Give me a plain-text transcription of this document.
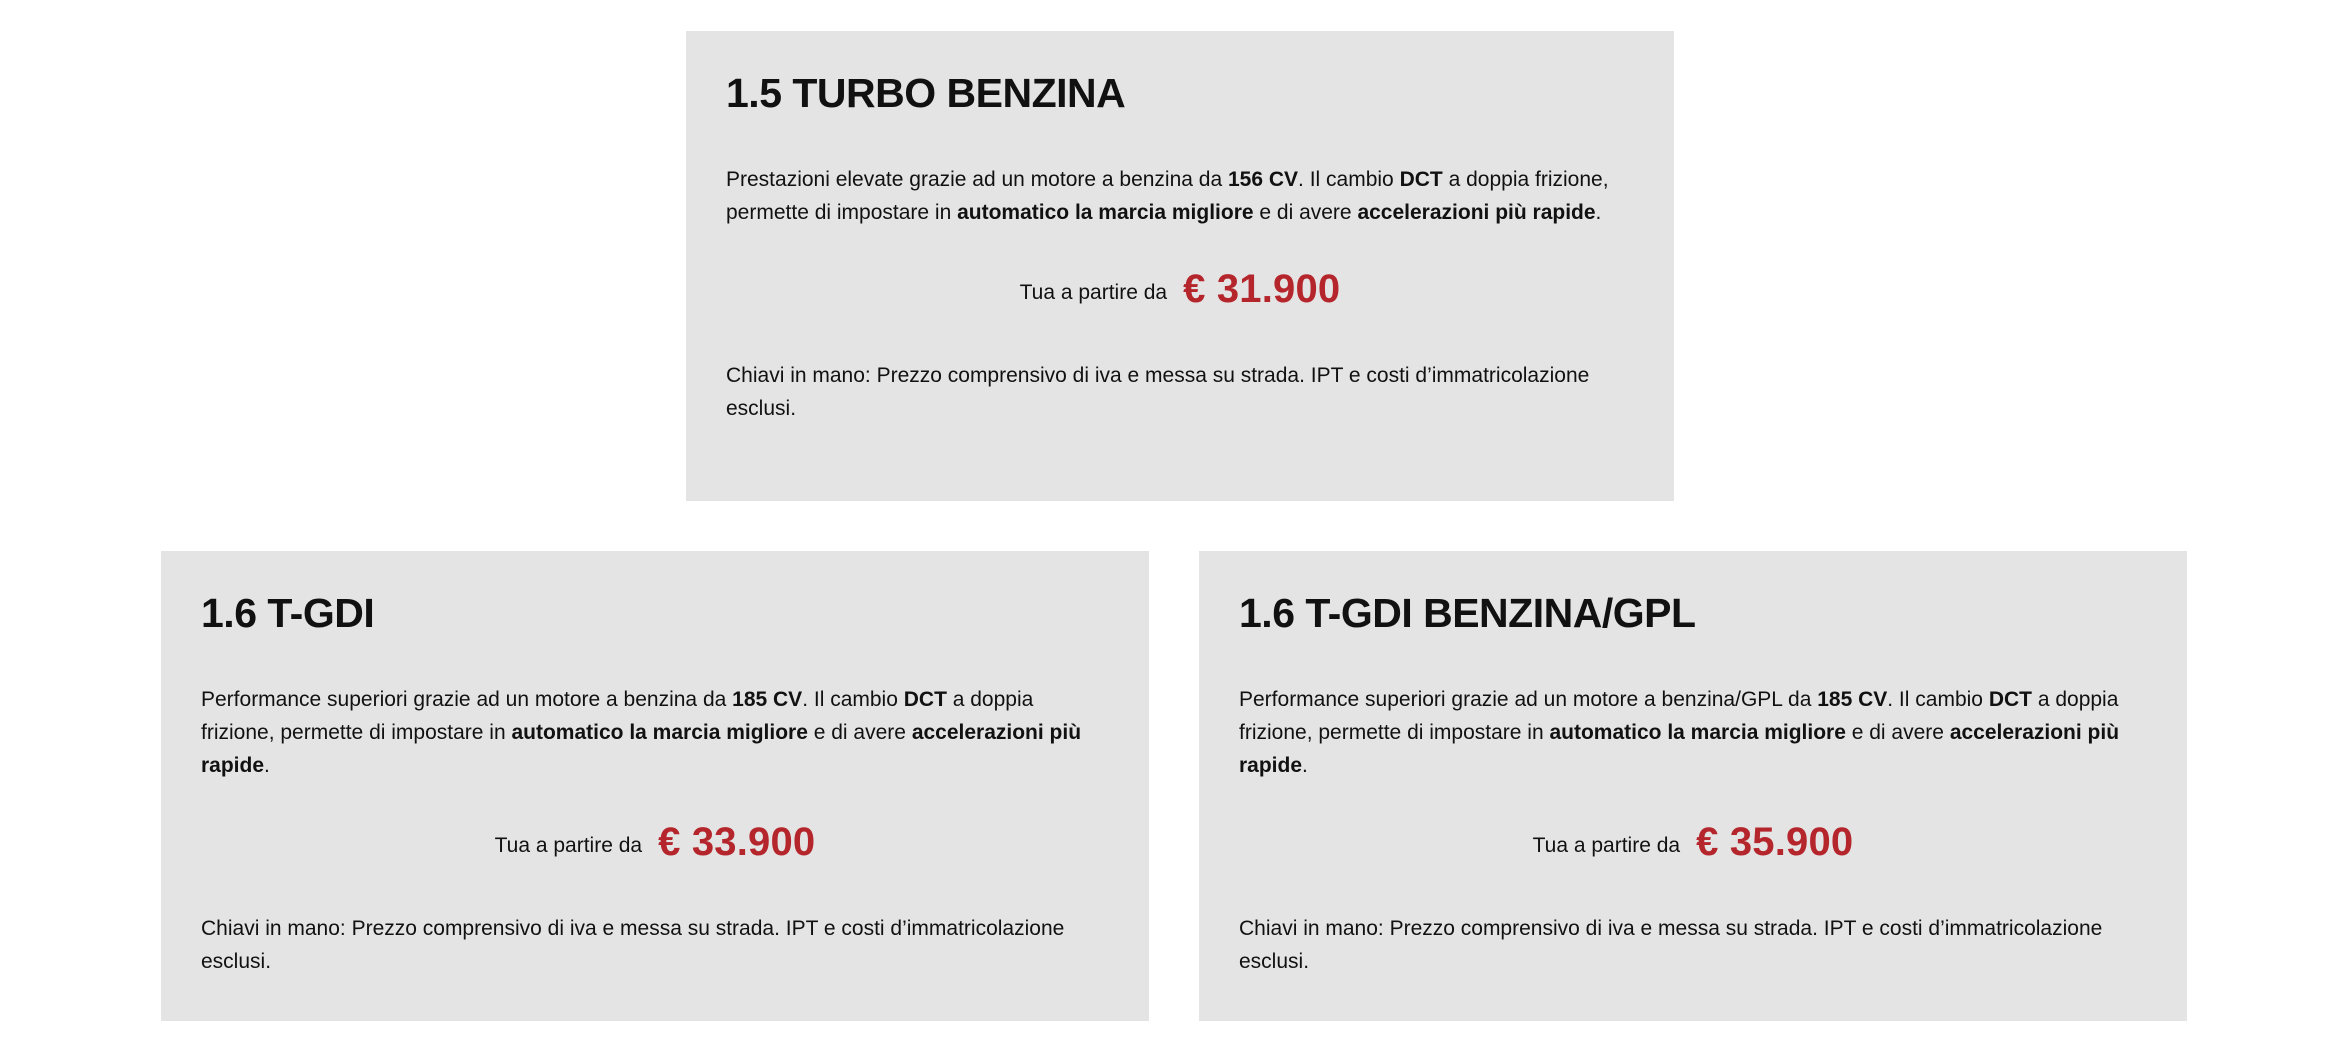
1.5 TURBO BENZINA

Prestazioni elevate grazie ad un motore a benzina da 156 CV. Il cambio DCT a doppia frizione, permette di impostare in automatico la marcia migliore e di avere accelerazioni più rapide.

Tua a partire da € 31.900

Chiavi in mano: Prezzo comprensivo di iva e messa su strada. IPT e costi d’immatricolazione esclusi.

1.6 T-GDI

Performance superiori grazie ad un motore a benzina da 185 CV. Il cambio DCT a doppia frizione, permette di impostare in automatico la marcia migliore e di avere accelerazioni più rapide.

Tua a partire da € 33.900

Chiavi in mano: Prezzo comprensivo di iva e messa su strada. IPT e costi d’immatricolazione esclusi.

1.6 T-GDI BENZINA/GPL

Performance superiori grazie ad un motore a benzina/GPL da 185 CV. Il cambio DCT a doppia frizione, permette di impostare in automatico la marcia migliore e di avere accelerazioni più rapide.

Tua a partire da € 35.900

Chiavi in mano: Prezzo comprensivo di iva e messa su strada. IPT e costi d’immatricolazione esclusi.
